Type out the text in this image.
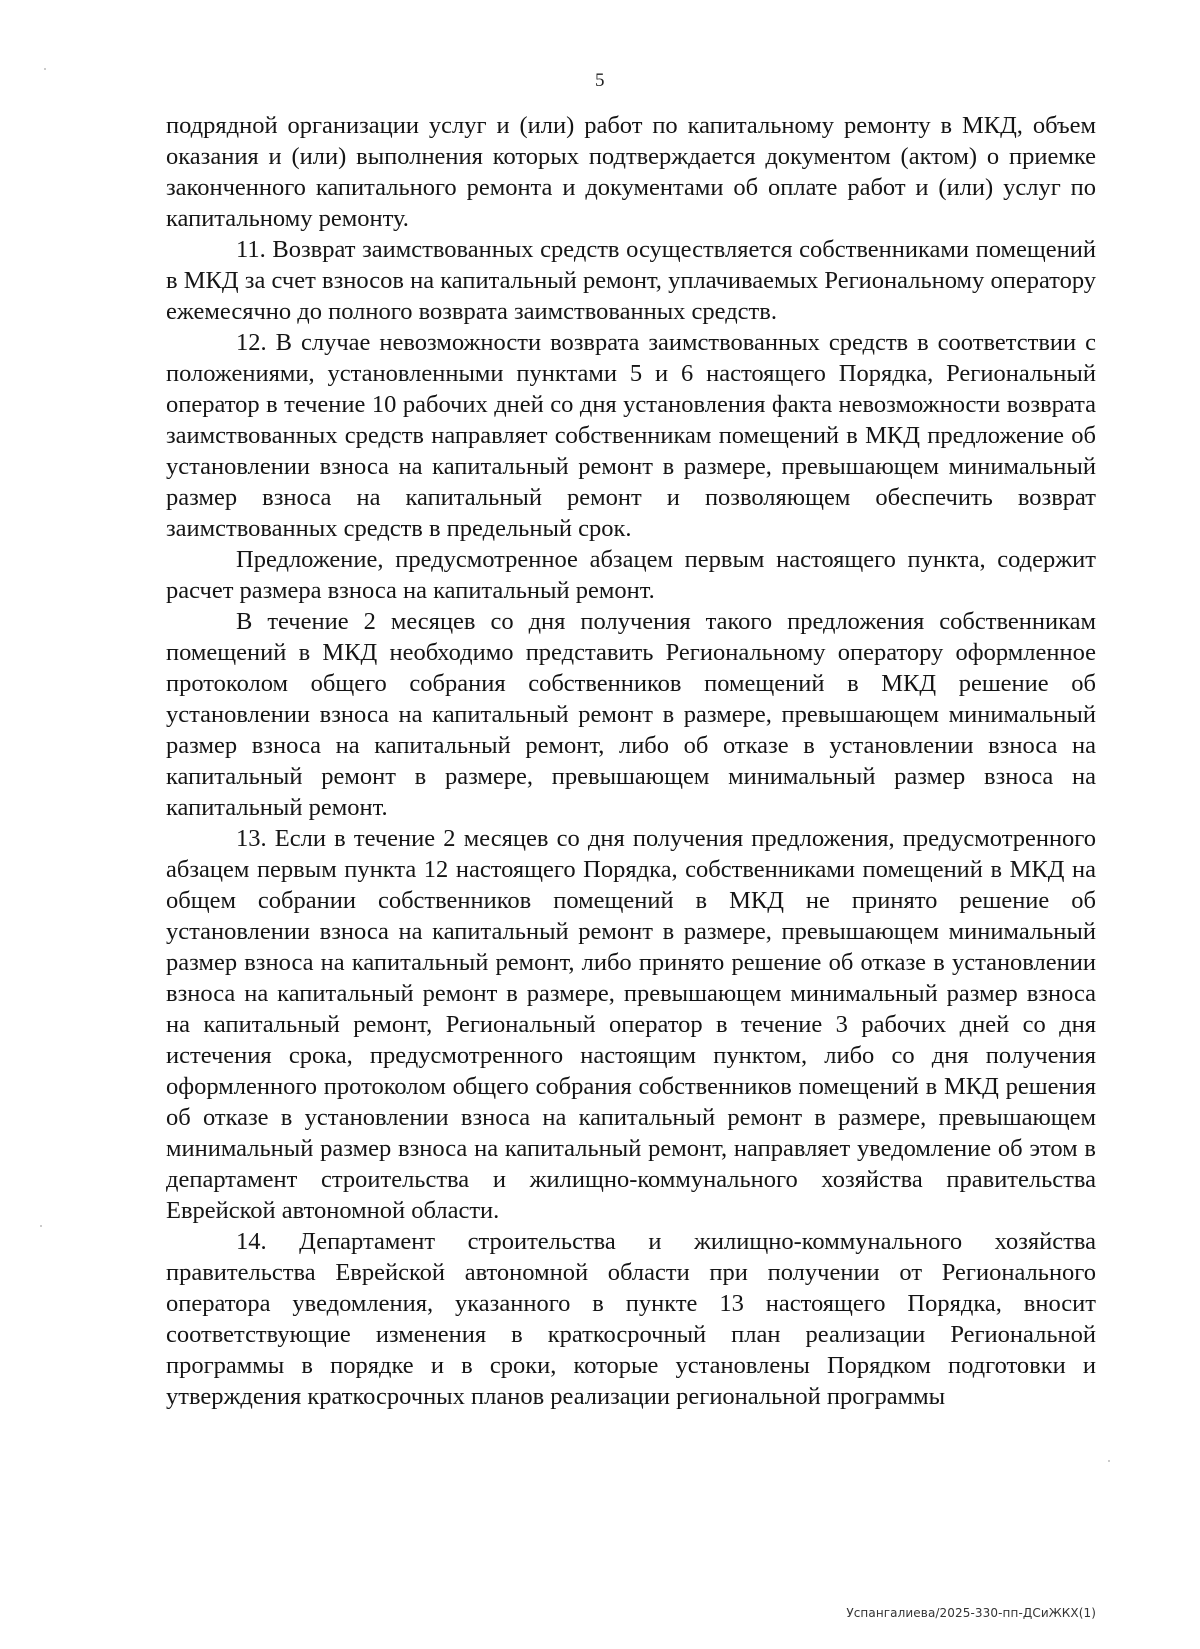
5

подрядной организации услуг и (или) работ по капитальному ремонту в МКД, объем оказания и (или) выполнения которых подтверждается документом (актом) о приемке законченного капитального ремонта и документами об оплате работ и (или) услуг по капитальному ремонту.

11. Возврат заимствованных средств осуществляется собственниками помещений в МКД за счет взносов на капитальный ремонт, уплачиваемых Региональному оператору ежемесячно до полного возврата заимствованных средств.

12. В случае невозможности возврата заимствованных средств в соответствии с положениями, установленными пунктами 5 и 6 настоящего Порядка, Региональный оператор в течение 10 рабочих дней со дня установления факта невозможности возврата заимствованных средств направляет собственникам помещений в МКД предложение об установлении взноса на капитальный ремонт в размере, превышающем минимальный размер взноса на капитальный ремонт и позволяющем обеспечить возврат заимствованных средств в предельный срок.

Предложение, предусмотренное абзацем первым настоящего пункта, содержит расчет размера взноса на капитальный ремонт.

В течение 2 месяцев со дня получения такого предложения собственникам помещений в МКД необходимо представить Региональному оператору оформленное протоколом общего собрания собственников помещений в МКД решение об установлении взноса на капитальный ремонт в размере, превышающем минимальный размер взноса на капитальный ремонт, либо об отказе в установлении взноса на капитальный ремонт в размере, превышающем минимальный размер взноса на капитальный ремонт.

13. Если в течение 2 месяцев со дня получения предложения, предусмотренного абзацем первым пункта 12 настоящего Порядка, собственниками помещений в МКД на общем собрании собственников помещений в МКД не принято решение об установлении взноса на капитальный ремонт в размере, превышающем минимальный размер взноса на капитальный ремонт, либо принято решение об отказе в установлении взноса на капитальный ремонт в размере, превышающем минимальный размер взноса на капитальный ремонт, Региональный оператор в течение 3 рабочих дней со дня истечения срока, предусмотренного настоящим пунктом, либо со дня получения оформленного протоколом общего собрания собственников помещений в МКД решения об отказе в установлении взноса на капитальный ремонт в размере, превышающем минимальный размер взноса на капитальный ремонт, направляет уведомление об этом в департамент строительства и жилищно-коммунального хозяйства правительства Еврейской автономной области.

14. Департамент строительства и жилищно-коммунального хозяйства правительства Еврейской автономной области при получении от Регионального оператора уведомления, указанного в пункте 13 настоящего Порядка, вносит соответствующие изменения в краткосрочный план реализации Региональной программы в порядке и в сроки, которые установлены Порядком подготовки и утверждения краткосрочных планов реализации региональной программы

Успангалиева/2025-330-пп-ДСиЖКХ(1)
